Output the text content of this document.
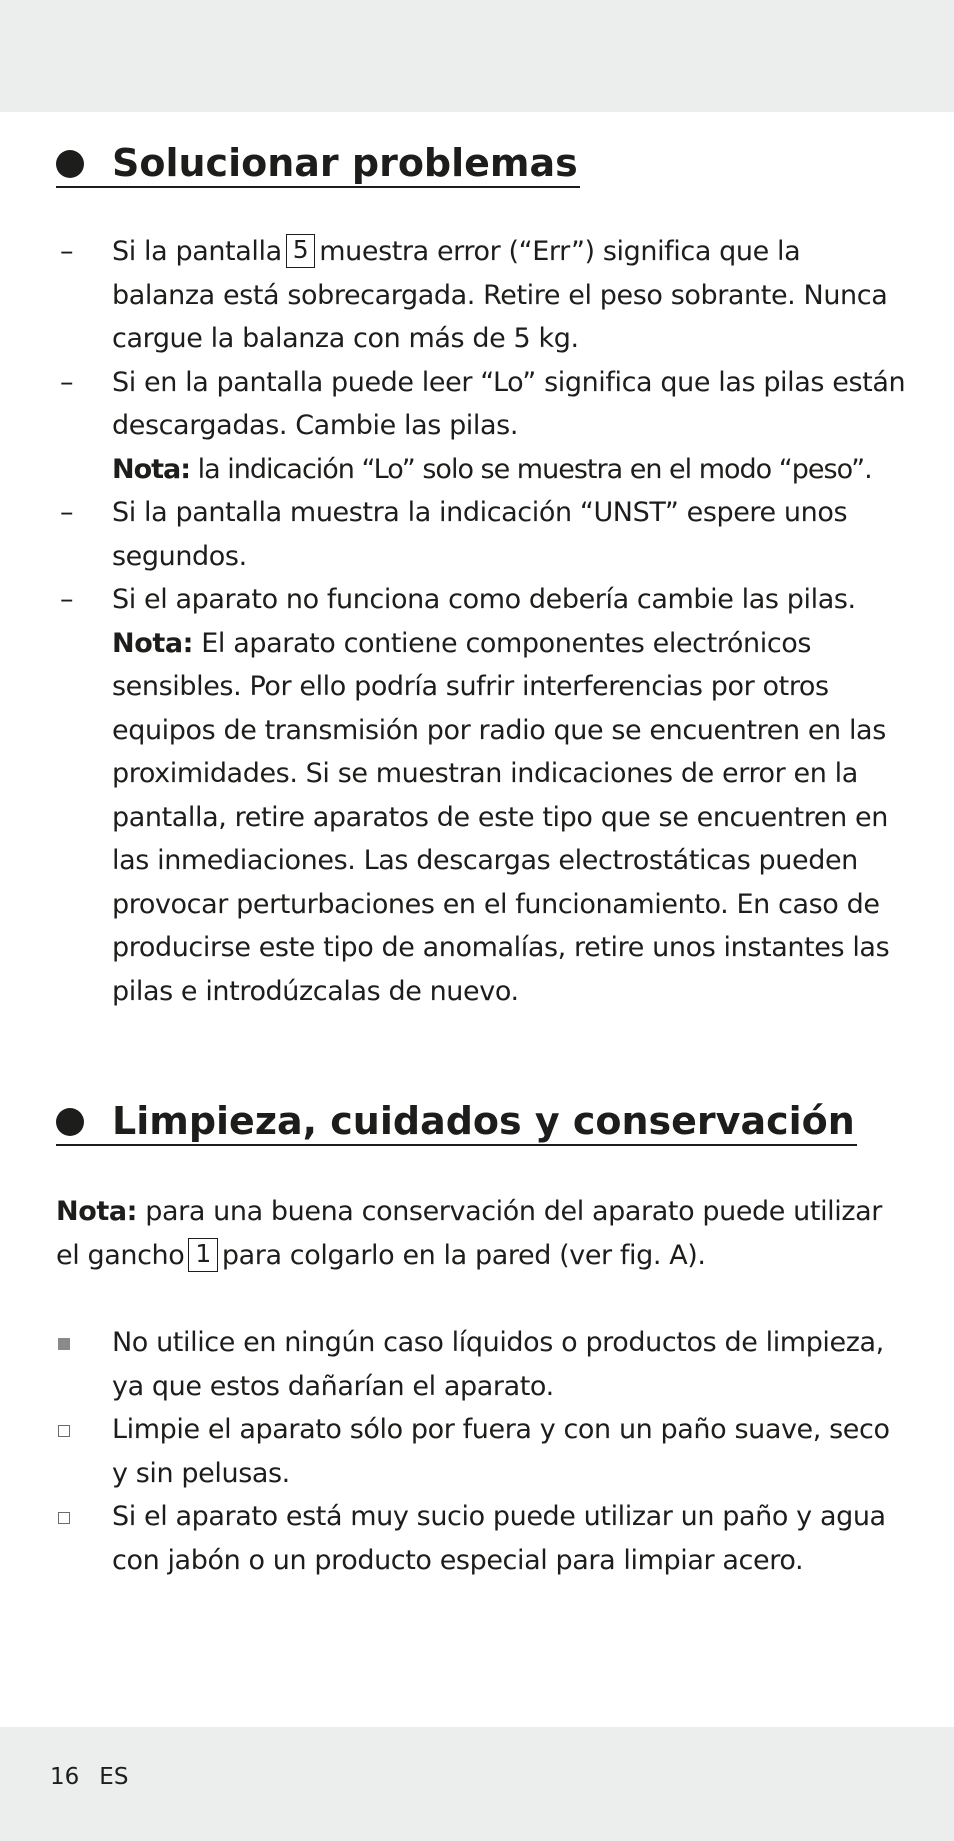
Solucionar problemas
– Si la pantalla 5 muestra error (“Err”) significa que la balanza está sobrecargada. Retire el peso sobrante. Nunca cargue la balanza con más de 5 kg.
– Si en la pantalla puede leer “Lo” significa que las pilas están descargadas. Cambie las pilas.
Nota: la indicación “Lo” solo se muestra en el modo “peso”.
– Si la pantalla muestra la indicación “UNST” espere unos segundos.
– Si el aparato no funciona como debería cambie las pilas.
Nota: El aparato contiene componentes electrónicos sensibles. Por ello podría sufrir interferencias por otros equipos de transmisión por radio que se encuentren en las proximidades. Si se muestran indicaciones de error en la pantalla, retire aparatos de este tipo que se encuentren en las inmediaciones. Las descargas electrostáticas pueden provocar perturbaciones en el funcionamiento. En caso de producirse este tipo de anomalías, retire unos instantes las pilas e introdúzcalas de nuevo.
Limpieza, cuidados y conservación
Nota: para una buena conservación del aparato puede utilizar el gancho 1 para colgarlo en la pared (ver fig. A).
No utilice en ningún caso líquidos o productos de limpieza, ya que estos dañarían el aparato.
Limpie el aparato sólo por fuera y con un paño suave, seco y sin pelusas.
Si el aparato está muy sucio puede utilizar un paño y agua con jabón o un producto especial para limpiar acero.
16 ES
